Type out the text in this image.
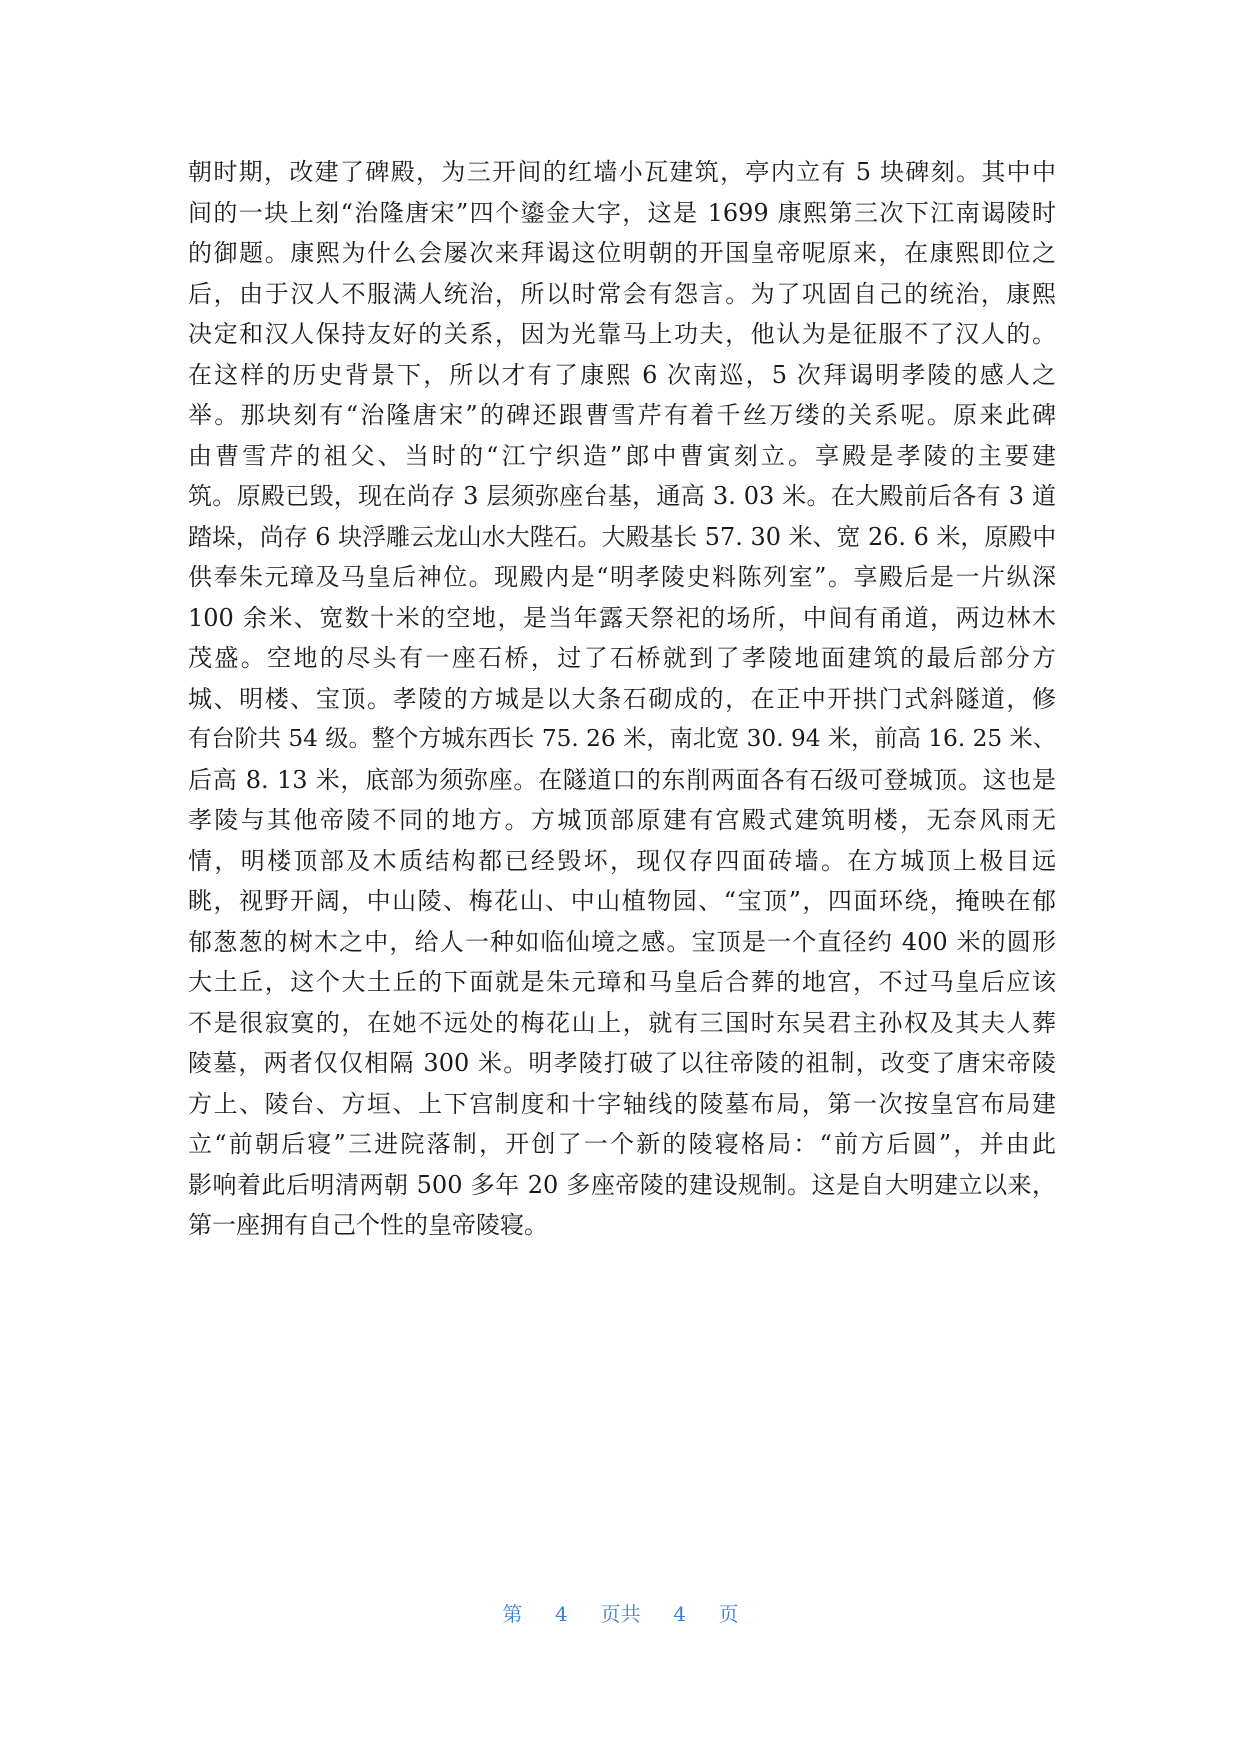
朝时期，改建了碑殿，为三开间的红墙小瓦建筑，亭内立有 5 块碑刻。其中中
间的一块上刻“治隆唐宋”四个鎏金大字，这是 1699 康熙第三次下江南谒陵时
的御题。康熙为什么会屡次来拜谒这位明朝的开国皇帝呢原来，在康熙即位之
后，由于汉人不服满人统治，所以时常会有怨言。为了巩固自己的统治，康熙
决定和汉人保持友好的关系，因为光靠马上功夫，他认为是征服不了汉人的。
在这样的历史背景下，所以才有了康熙 6 次南巡，5 次拜谒明孝陵的感人之
举。那块刻有“治隆唐宋”的碑还跟曹雪芹有着千丝万缕的关系呢。原来此碑
由曹雪芹的祖父、当时的“江宁织造”郎中曹寅刻立。享殿是孝陵的主要建
筑。原殿已毁，现在尚存 3 层须弥座台基，通高 3. 03 米。在大殿前后各有 3 道
踏垛，尚存 6 块浮雕云龙山水大陛石。大殿基长 57. 30 米、宽 26. 6 米，原殿中
供奉朱元璋及马皇后神位。现殿内是“明孝陵史料陈列室”。享殿后是一片纵深
100 余米、宽数十米的空地，是当年露天祭祀的场所，中间有甬道，两边林木
茂盛。空地的尽头有一座石桥，过了石桥就到了孝陵地面建筑的最后部分方
城、明楼、宝顶。孝陵的方城是以大条石砌成的，在正中开拱门式斜隧道，修
有台阶共 54 级。整个方城东西长 75. 26 米，南北宽 30. 94 米，前高 16. 25 米、
后高 8. 13 米，底部为须弥座。在隧道口的东削两面各有石级可登城顶。这也是
孝陵与其他帝陵不同的地方。方城顶部原建有宫殿式建筑明楼，无奈风雨无
情，明楼顶部及木质结构都已经毁坏，现仅存四面砖墙。在方城顶上极目远
眺，视野开阔，中山陵、梅花山、中山植物园、“宝顶”，四面环绕，掩映在郁
郁葱葱的树木之中，给人一种如临仙境之感。宝顶是一个直径约 400 米的圆形
大土丘，这个大土丘的下面就是朱元璋和马皇后合葬的地宫，不过马皇后应该
不是很寂寞的，在她不远处的梅花山上，就有三国时东吴君主孙权及其夫人葬
陵墓，两者仅仅相隔 300 米。明孝陵打破了以往帝陵的祖制，改变了唐宋帝陵
方上、陵台、方垣、上下宫制度和十字轴线的陵墓布局，第一次按皇宫布局建
立“前朝后寝”三进院落制，开创了一个新的陵寝格局：“前方后圆”，并由此
影响着此后明清两朝 500 多年 20 多座帝陵的建设规制。这是自大明建立以来，
第一座拥有自己个性的皇帝陵寝。
第 4 页共 4 页
